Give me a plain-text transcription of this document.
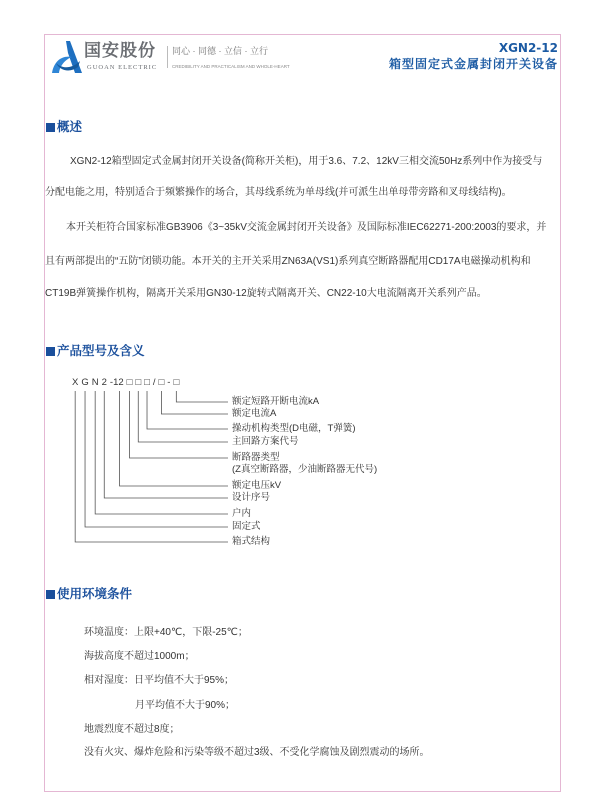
国安股份
GUOAN ELECTRIC
同心 · 同德 · 立信 · 立行
CREDIBILITY AND PRACTICALISM AND WHOLE-HEART
XGN2-12
箱型固定式金属封闭开关设备
概述
XGN2-12箱型固定式金属封闭开关设备(简称开关柜)，用于3.6、7.2、12kV三相交流50Hz系列中作为接受与
分配电能之用，特别适合于频繁操作的场合，其母线系统为单母线(并可派生出单母带旁路和叉母线结构)。
本开关柜符合国家标准GB3906《3~35kV交流金属封闭开关设备》及国际标准IEC62271-200:2003的要求，并
且有两部提出的“五防”闭锁功能。本开关的主开关采用ZN63A(VS1)系列真空断路器配用CD17A电磁操动机构和
CT19B弹簧操作机构，隔离开关采用GN30-12旋转式隔离开关、CN22-10大电流隔离开关系列产品。
产品型号及含义
X G N 2 -12 □ □ □ / □ - □
额定短路开断电流kA
额定电流A
操动机构类型(D电磁，T弹簧)
主回路方案代号
断路器类型
(Z真空断路器，少油断路器无代号)
额定电压kV
设计序号
户内
固定式
箱式结构
使用环境条件
环境温度：上限+40℃，下限-25℃；
海拔高度不超过1000m；
相对湿度：日平均值不大于95%；
月平均值不大于90%；
地震烈度不超过8度；
没有火灾、爆炸危险和污染等级不超过3级、不受化学腐蚀及剧烈震动的场所。
